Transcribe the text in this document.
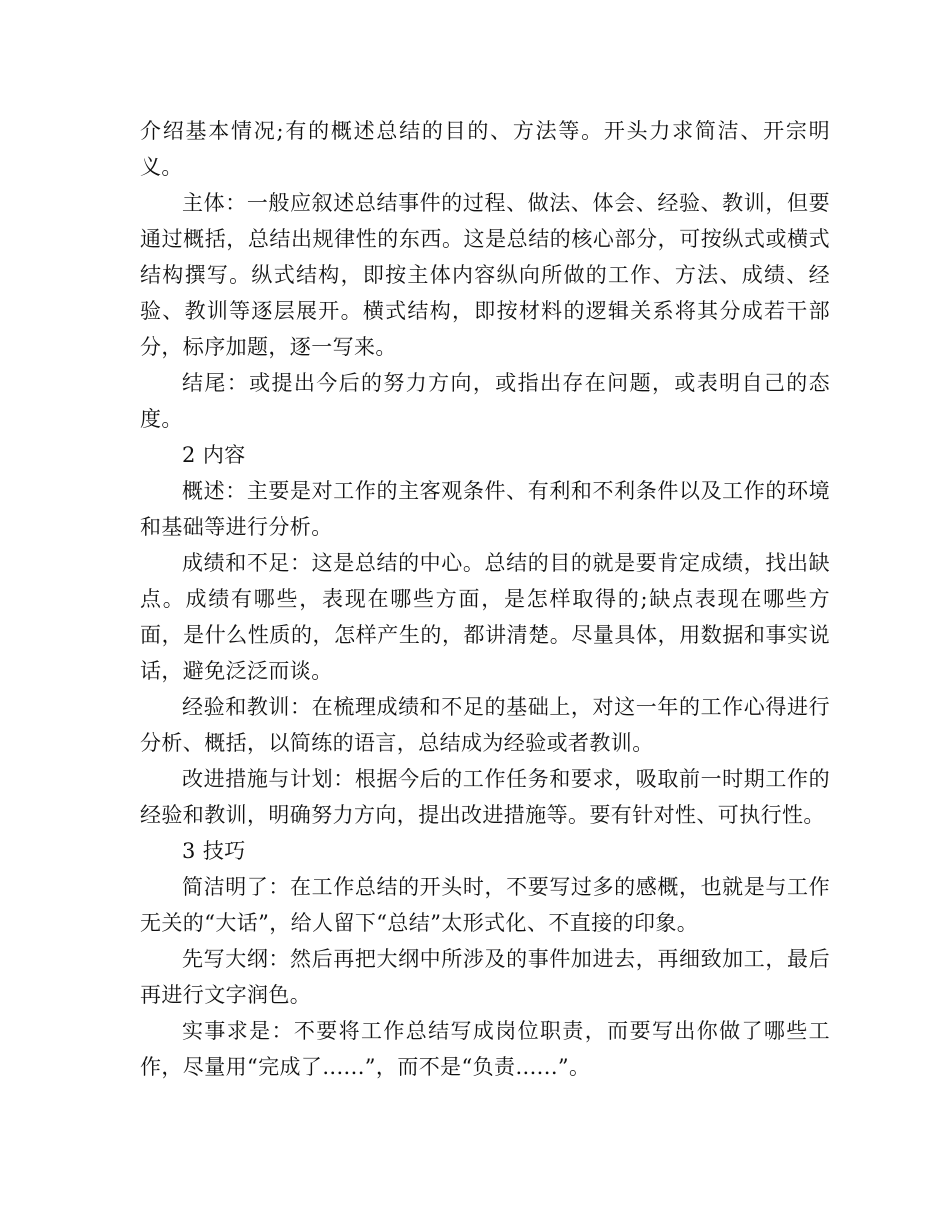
介绍基本情况;有的概述总结的目的、方法等。开头力求简洁、开宗明义。

主体：一般应叙述总结事件的过程、做法、体会、经验、教训，但要通过概括，总结出规律性的东西。这是总结的核心部分，可按纵式或横式结构撰写。纵式结构，即按主体内容纵向所做的工作、方法、成绩、经验、教训等逐层展开。横式结构，即按材料的逻辑关系将其分成若干部分，标序加题，逐一写来。

结尾：或提出今后的努力方向，或指出存在问题，或表明自己的态度。

2 内容

概述：主要是对工作的主客观条件、有利和不利条件以及工作的环境和基础等进行分析。

成绩和不足：这是总结的中心。总结的目的就是要肯定成绩，找出缺点。成绩有哪些，表现在哪些方面，是怎样取得的;缺点表现在哪些方面，是什么性质的，怎样产生的，都讲清楚。尽量具体，用数据和事实说话，避免泛泛而谈。

经验和教训：在梳理成绩和不足的基础上，对这一年的工作心得进行分析、概括，以简练的语言，总结成为经验或者教训。

改进措施与计划：根据今后的工作任务和要求，吸取前一时期工作的经验和教训，明确努力方向，提出改进措施等。要有针对性、可执行性。

3 技巧

简洁明了：在工作总结的开头时，不要写过多的感概，也就是与工作无关的“大话”，给人留下“总结”太形式化、不直接的印象。

先写大纲：然后再把大纲中所涉及的事件加进去，再细致加工，最后再进行文字润色。

实事求是：不要将工作总结写成岗位职责，而要写出你做了哪些工作，尽量用“完成了......”，而不是“负责......”。
